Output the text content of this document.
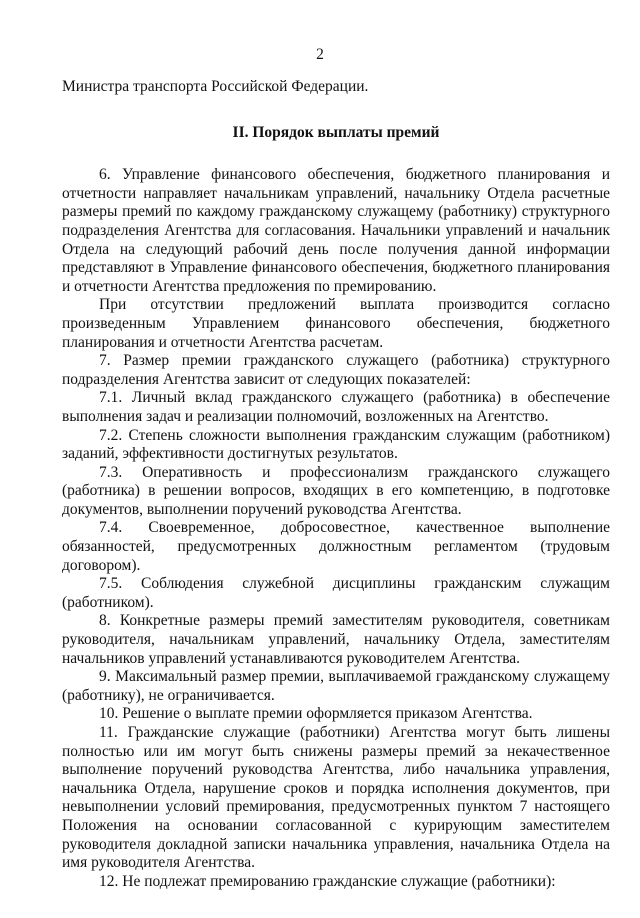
2

Министра транспорта Российской Федерации.

II. Порядок выплаты премий

6. Управление финансового обеспечения, бюджетного планирования и отчетности направляет начальникам управлений, начальнику Отдела расчетные размеры премий по каждому гражданскому служащему (работнику) структурного подразделения Агентства для согласования. Начальники управлений и начальник Отдела на следующий рабочий день после получения данной информации представляют в Управление финансового обеспечения, бюджетного планирования и отчетности Агентства предложения по премированию.

При отсутствии предложений выплата производится согласно произведенным Управлением финансового обеспечения, бюджетного планирования и отчетности Агентства расчетам.

7. Размер премии гражданского служащего (работника) структурного подразделения Агентства зависит от следующих показателей:

7.1. Личный вклад гражданского служащего (работника) в обеспечение выполнения задач и реализации полномочий, возложенных на Агентство.

7.2. Степень сложности выполнения гражданским служащим (работником) заданий, эффективности достигнутых результатов.

7.3. Оперативность и профессионализм гражданского служащего (работника) в решении вопросов, входящих в его компетенцию, в подготовке документов, выполнении поручений руководства Агентства.

7.4. Своевременное, добросовестное, качественное выполнение обязанностей, предусмотренных должностным регламентом (трудовым договором).

7.5. Соблюдения служебной дисциплины гражданским служащим (работником).

8. Конкретные размеры премий заместителям руководителя, советникам руководителя, начальникам управлений, начальнику Отдела, заместителям начальников управлений устанавливаются руководителем Агентства.

9. Максимальный размер премии, выплачиваемой гражданскому служащему (работнику), не ограничивается.

10. Решение о выплате премии оформляется приказом Агентства.

11. Гражданские служащие (работники) Агентства могут быть лишены полностью или им могут быть снижены размеры премий за некачественное выполнение поручений руководства Агентства, либо начальника управления, начальника Отдела, нарушение сроков и порядка исполнения документов, при невыполнении условий премирования, предусмотренных пунктом 7 настоящего Положения на основании согласованной с курирующим заместителем руководителя докладной записки начальника управления, начальника Отдела на имя руководителя Агентства.

12. Не подлежат премированию гражданские служащие (работники):
